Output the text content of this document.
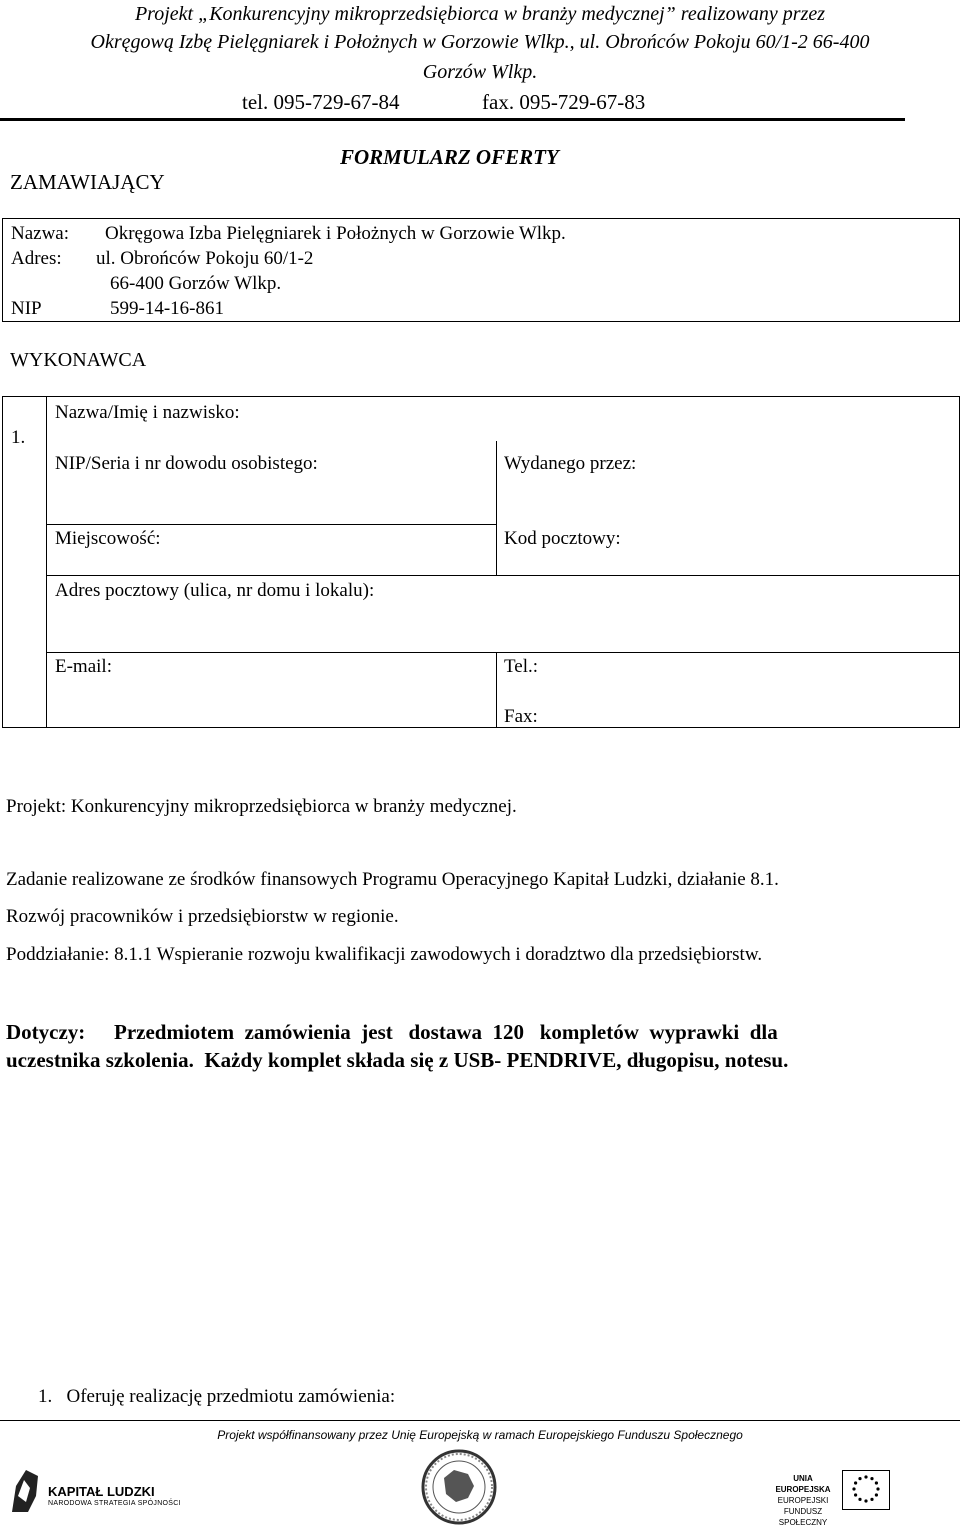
Projekt „Konkurencyjny mikroprzedsiębiorca w branży medycznej” realizowany przez
Okręgową Izbę Pielęgniarek i Położnych w Gorzowie Wlkp., ul. Obrońców Pokoju 60/1-2 66-400
Gorzów Wlkp.
tel. 095-729-67-84	fax. 095-729-67-83
FORMULARZ OFERTY
ZAMAWIAJĄCY
Nazwa: Okręgowa Izba Pielęgniarek i Położnych w Gorzowie Wlkp.
Adres: ul. Obrońców Pokoju 60/1-2
66-400 Gorzów Wlkp.
NIP	599-14-16-861
WYKONAWCA
1.
Nazwa/Imię i nazwisko:
NIP/Seria i nr dowodu osobistego:	Wydanego przez:
Miejscowość:	Kod pocztowy:
Adres pocztowy (ulica, nr domu i lokalu):
E-mail:	Tel.:
Fax:
Projekt: Konkurencyjny mikroprzedsiębiorca w branży medycznej.
Zadanie realizowane ze środków finansowych Programu Operacyjnego Kapitał Ludzki, działanie 8.1.
Rozwój pracowników i przedsiębiorstw w regionie.
Poddziałanie: 8.1.1 Wspieranie rozwoju kwalifikacji zawodowych i doradztwo dla przedsiębiorstw.
Dotyczy: Przedmiotem  zamówienia  jest   dostawa  120   kompletów  wyprawki  dla
uczestnika szkolenia.  Każdy komplet składa się z USB- PENDRIVE, długopisu, notesu.
1.   Oferuję realizację przedmiotu zamówienia:
Projekt współfinansowany przez Unię Europejską w ramach Europejskiego Funduszu Społecznego
KAPITAŁ LUDZKI
NARODOWA STRATEGIA SPÓJNOŚCI
UNIA EUROPEJSKA
EUROPEJSKI
FUNDUSZ SPOŁECZNY
